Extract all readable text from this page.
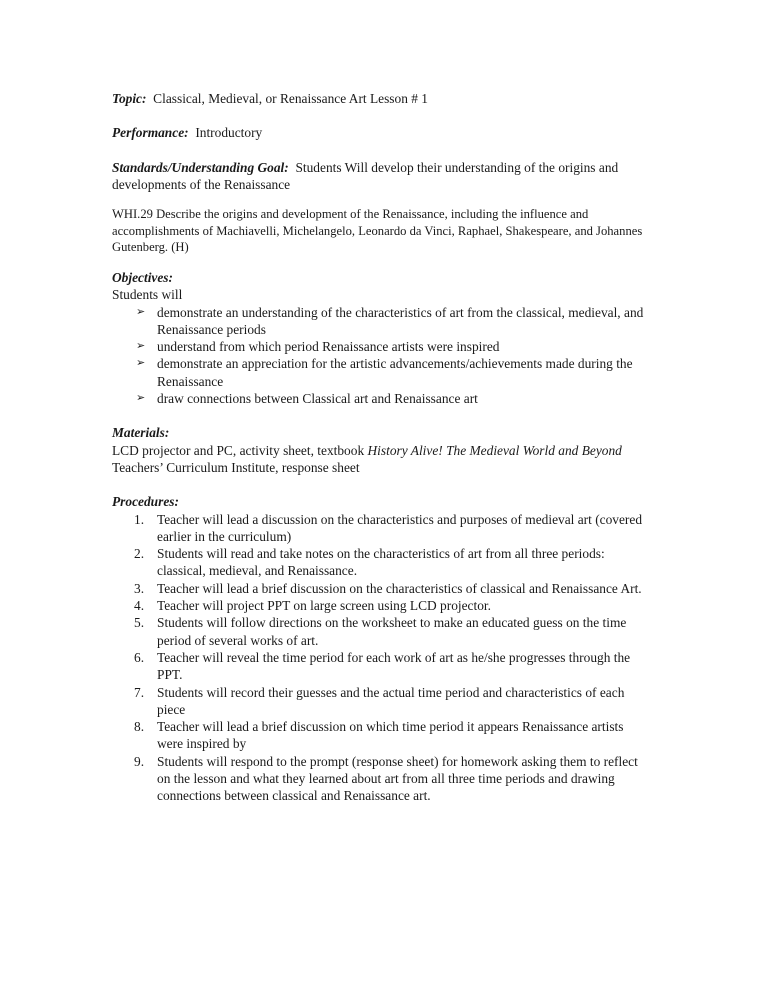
Topic: Classical, Medieval, or Renaissance Art Lesson # 1

Performance: Introductory

Standards/Understanding Goal: Students Will develop their understanding of the origins and developments of the Renaissance

WHI.29 Describe the origins and development of the Renaissance, including the influence and accomplishments of Machiavelli, Michelangelo, Leonardo da Vinci, Raphael, Shakespeare, and Johannes Gutenberg. (H)

Objectives:
Students will
➢ demonstrate an understanding of the characteristics of art from the classical, medieval, and Renaissance periods
➢ understand from which period Renaissance artists were inspired
➢ demonstrate an appreciation for the artistic advancements/achievements made during the Renaissance
➢ draw connections between Classical art and Renaissance art
Materials:
LCD projector and PC, activity sheet, textbook History Alive! The Medieval World and Beyond Teachers’ Curriculum Institute, response sheet
Procedures:
1. Teacher will lead a discussion on the characteristics and purposes of medieval art (covered earlier in the curriculum)
2. Students will read and take notes on the characteristics of art from all three periods: classical, medieval, and Renaissance.
3. Teacher will lead a brief discussion on the characteristics of classical and Renaissance Art.
4. Teacher will project PPT on large screen using LCD projector.
5. Students will follow directions on the worksheet to make an educated guess on the time period of several works of art.
6. Teacher will reveal the time period for each work of art as he/she progresses through the PPT.
7. Students will record their guesses and the actual time period and characteristics of each piece
8. Teacher will lead a brief discussion on which time period it appears Renaissance artists were inspired by
9. Students will respond to the prompt (response sheet) for homework asking them to reflect on the lesson and what they learned about art from all three time periods and drawing connections between classical and Renaissance art.
